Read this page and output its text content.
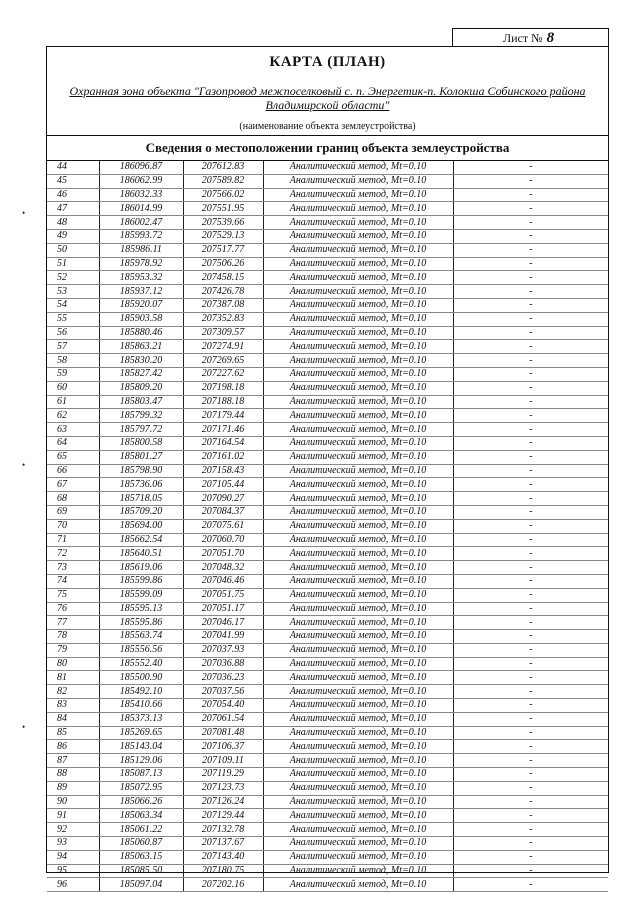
Лист № 8
КАРТА (ПЛАН)
Охранная зона объекта "Газопровод межпоселковый с. п. Энергетик-п. Колокша Собинского района Владимирской области"
(наименование объекта землеустройства)
Сведения о местоположении границ объекта землеустройства
44	186096.87	207612.83	Аналитический метод, Mt=0.10	-
45	186062.99	207589.82	Аналитический метод, Mt=0.10	-
46	186032.33	207566.02	Аналитический метод, Mt=0.10	-
47	186014.99	207551.95	Аналитический метод, Mt=0.10	-
48	186002.47	207539.66	Аналитический метод, Mt=0.10	-
49	185993.72	207529.13	Аналитический метод, Mt=0.10	-
50	185986.11	207517.77	Аналитический метод, Mt=0.10	-
51	185978.92	207506.26	Аналитический метод, Mt=0.10	-
52	185953.32	207458.15	Аналитический метод, Mt=0.10	-
53	185937.12	207426.78	Аналитический метод, Mt=0.10	-
54	185920.07	207387.08	Аналитический метод, Mt=0.10	-
55	185903.58	207352.83	Аналитический метод, Mt=0.10	-
56	185880.46	207309.57	Аналитический метод, Mt=0.10	-
57	185863.21	207274.91	Аналитический метод, Mt=0.10	-
58	185830.20	207269.65	Аналитический метод, Mt=0.10	-
59	185827.42	207227.62	Аналитический метод, Mt=0.10	-
60	185809.20	207198.18	Аналитический метод, Mt=0.10	-
61	185803.47	207188.18	Аналитический метод, Mt=0.10	-
62	185799.32	207179.44	Аналитический метод, Mt=0.10	-
63	185797.72	207171.46	Аналитический метод, Mt=0.10	-
64	185800.58	207164.54	Аналитический метод, Mt=0.10	-
65	185801.27	207161.02	Аналитический метод, Mt=0.10	-
66	185798.90	207158.43	Аналитический метод, Mt=0.10	-
67	185736.06	207105.44	Аналитический метод, Mt=0.10	-
68	185718.05	207090.27	Аналитический метод, Mt=0.10	-
69	185709.20	207084.37	Аналитический метод, Mt=0.10	-
70	185694.00	207075.61	Аналитический метод, Mt=0.10	-
71	185662.54	207060.70	Аналитический метод, Mt=0.10	-
72	185640.51	207051.70	Аналитический метод, Mt=0.10	-
73	185619.06	207048.32	Аналитический метод, Mt=0.10	-
74	185599.86	207046.46	Аналитический метод, Mt=0.10	-
75	185599.09	207051.75	Аналитический метод, Mt=0.10	-
76	185595.13	207051.17	Аналитический метод, Mt=0.10	-
77	185595.86	207046.17	Аналитический метод, Mt=0.10	-
78	185563.74	207041.99	Аналитический метод, Mt=0.10	-
79	185556.56	207037.93	Аналитический метод, Mt=0.10	-
80	185552.40	207036.88	Аналитический метод, Mt=0.10	-
81	185500.90	207036.23	Аналитический метод, Mt=0.10	-
82	185492.10	207037.56	Аналитический метод, Mt=0.10	-
83	185410.66	207054.40	Аналитический метод, Mt=0.10	-
84	185373.13	207061.54	Аналитический метод, Mt=0.10	-
85	185269.65	207081.48	Аналитический метод, Mt=0.10	-
86	185143.04	207106.37	Аналитический метод, Mt=0.10	-
87	185129.06	207109.11	Аналитический метод, Mt=0.10	-
88	185087.13	207119.29	Аналитический метод, Mt=0.10	-
89	185072.95	207123.73	Аналитический метод, Mt=0.10	-
90	185066.26	207126.24	Аналитический метод, Mt=0.10	-
91	185063.34	207129.44	Аналитический метод, Mt=0.10	-
92	185061.22	207132.78	Аналитический метод, Mt=0.10	-
93	185060.87	207137.67	Аналитический метод, Mt=0.10	-
94	185063.15	207143.40	Аналитический метод, Mt=0.10	-
95	185085.50	207180.75	Аналитический метод, Mt=0.10	-
96	185097.04	207202.16	Аналитический метод, Mt=0.10	-
•
•
•
